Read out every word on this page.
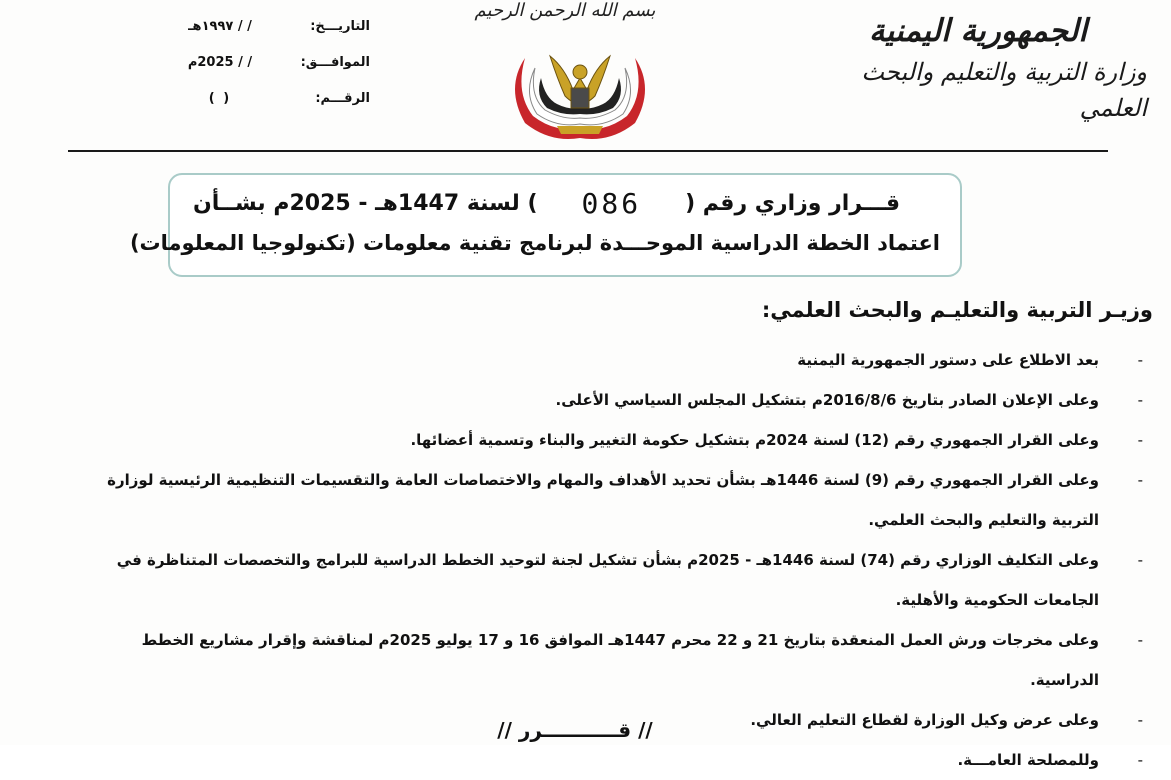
بسم الله الرحمن الرحيم
الجمهورية اليمنية
وزارة التربية والتعليم والبحث العلمي
التاريـــخ:
/ / ١٩٩٧هـ
الموافـــق:
/ / 2025م
الرقـــم:
( )
قـــرار وزاري رقم (
086
) لسنة 1447هـ - 2025م بشــأن
اعتماد الخطة الدراسية الموحـــدة لبرنامج تقنية معلومات (تكنولوجيا المعلومات)
وزيـر التربية والتعليـم والبحث العلمي:
- بعد الاطلاع على دستور الجمهورية اليمنية
- وعلى الإعلان الصادر بتاريخ 2016/8/6م بتشكيل المجلس السياسي الأعلى.
- وعلى القرار الجمهوري رقم (12) لسنة 2024م بتشكيل حكومة التغيير والبناء وتسمية أعضائها.
- وعلى القرار الجمهوري رقم (9) لسنة 1446هـ بشأن تحديد الأهداف والمهام والاختصاصات العامة والتقسيمات التنظيمية الرئيسية لوزارة التربية والتعليم والبحث العلمي.
- وعلى التكليف الوزاري رقم (74) لسنة 1446هـ - 2025م بشأن تشكيل لجنة لتوحيد الخطط الدراسية للبرامج والتخصصات المتناظرة في الجامعات الحكومية والأهلية.
- وعلى مخرجات ورش العمل المنعقدة بتاريخ 21 و 22 محرم 1447هـ الموافق 16 و 17 يوليو 2025م لمناقشة وإقرار مشاريع الخطط الدراسية.
- وعلى عرض وكيل الوزارة لقطاع التعليم العالي.
- وللمصلحة العامـــة.
// قـــــــــــرر //
